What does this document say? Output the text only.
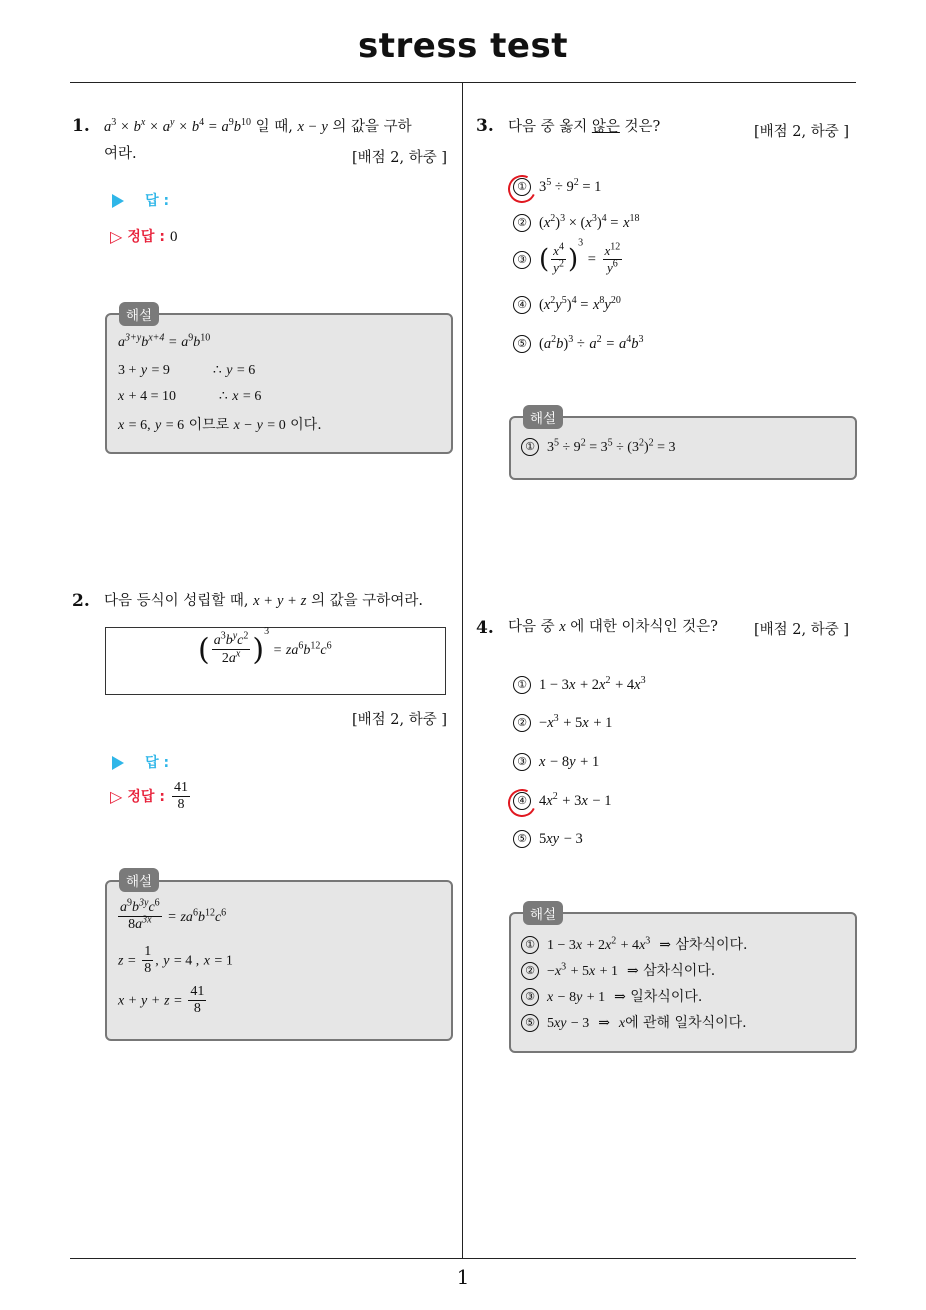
stress test
1
1. $a^3 \times b^x \times a^y \times b^4 = a^9b^{10}$ 일 때, x − y 의 값을 구하
여라.	[배점 2, 하중 ]
답 :
▷ 정답 : 0
해설
$a^{3+y}b^{x+4} = a^9b^{10}$
3 + y = 9	∴ y = 6
x + 4 = 10	∴ x = 6
x = 6, y = 6 이므로 x − y = 0 이다.
2. 다음 등식이 성립할 때, x + y + z 의 값을 구하여라.
( $\frac{a^3b^yc^2}{2a^x} )^3 = za^6b^{12}c^6$
[배점 2, 하중 ]
답 :
▷ 정답 : $\frac{41}{8}$
해설
$\frac{a^9b^{3y}c^6}{8a^{3x}} = za^6b^{12}c^6$
$z = \frac{1}{8}$ , y = 4 , x = 1
$x + y + z = \frac{41}{8}$
3. 다음 중 옳지 않은 것은?	[배점 2, 하중 ]
① $3^5 \div 9^2 = 1$
② $(x^2)^3 \times (x^3)^4 = x^{18}$
③ ( $\frac{x^4}{y^2} )^3 = \frac{x^{12}}{y^6}$
④ $(x^2y^5)^4 = x^8y^{20}$
⑤ $(a^2b)^3 \div a^2 = a^4b^3$
해설
① $3^5 \div 9^2 = 3^5 \div (3^2)^2 = 3$
4. 다음 중 x 에 대한 이차식인 것은? [배점 2, 하중 ]
① $1 - 3x + 2x^2 + 4x^3$
② $-x^3 + 5x + 1$
③ x − 8y + 1
④ $4x^2 + 3x - 1$
⑤ 5xy − 3
해설
① $1 - 3x + 2x^2 + 4x^3$ ⇒ 삼차식이다.
② $-x^3 + 5x + 1$ ⇒ 삼차식이다.
③ x − 8y + 1 ⇒ 일차식이다.
⑤ 5xy − 3 ⇒ x에 관해 일차식이다.
